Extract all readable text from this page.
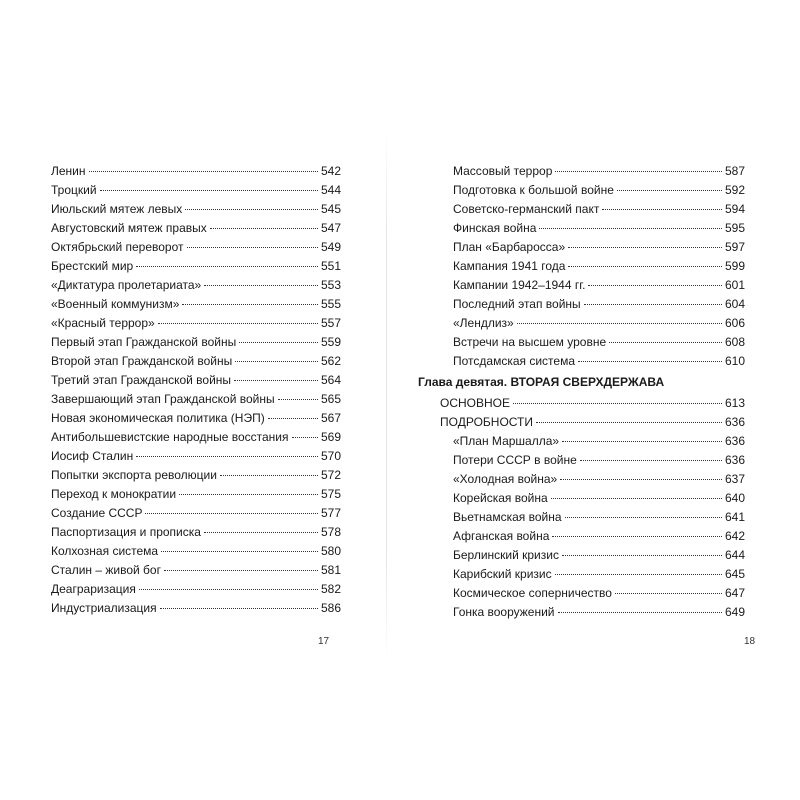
Ленин	542
Троцкий	544
Июльский мятеж левых	545
Августовский мятеж правых	547
Октябрьский переворот	549
Брестский мир	551
«Диктатура пролетариата»	553
«Военный коммунизм»	555
«Красный террор»	557
Первый этап Гражданской войны	559
Второй этап Гражданской войны	562
Третий этап Гражданской войны	564
Завершающий этап Гражданской войны	565
Новая экономическая политика (НЭП)	567
Антибольшевистские народные восстания	569
Иосиф Сталин	570
Попытки экспорта революции	572
Переход к монократии	575
Создание СССР	577
Паспортизация и прописка	578
Колхозная система	580
Сталин – живой бог	581
Деаграризация	582
Индустриализация	586
17
Массовый террор	587
Подготовка к большой войне	592
Советско-германский пакт	594
Финская война	595
План «Барбаросса»	597
Кампания 1941 года	599
Кампании 1942–1944 гг.	601
Последний этап войны	604
«Лендлиз»	606
Встречи на высшем уровне	608
Потсдамская система	610
Глава девятая. ВТОРАЯ СВЕРХДЕРЖАВА
ОСНОВНОЕ	613
ПОДРОБНОСТИ	636
«План Маршалла»	636
Потери СССР в войне	636
«Холодная война»	637
Корейская война	640
Вьетнамская война	641
Афганская война	642
Берлинский кризис	644
Карибский кризис	645
Космическое соперничество	647
Гонка вооружений	649
18
